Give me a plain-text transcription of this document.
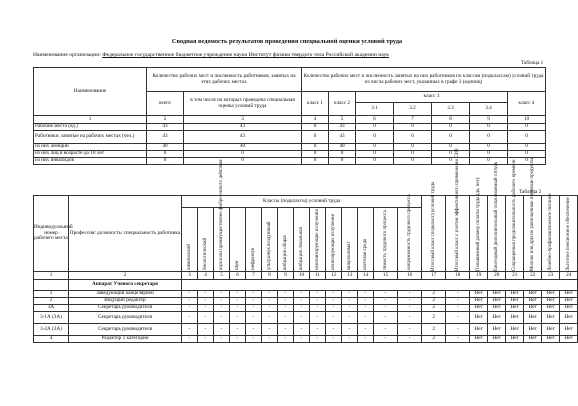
Сводная ведомость результатов проведения специальной оценки условий труда
Наименование организации: Федеральное государственное бюджетное учреждение науки Институт физики твердого тела Российской академии наук
Таблица 1
Наименование	Количество рабочих мест и численность работников, занятых на этих рабочих местах		Количество рабочих мест и численность занятых на них работников по классам (подклассам) условий труда из числа рабочих мест, указанных в графе 3 (единиц)						
	всего	в том числе на которых проведена специальная оценка условий труда	класс 1	класс 2	класс 3				класс 4
					3.1	3.2	3.3	3.4	
1	2	3	4	5	6	7	8	9	10
Рабочие места (ед.)	43	43	0	43	0	0	0	0	0
Работники, занятые на рабочих местах (чел.)	43	43	0	43	0	0	0	0	0
из них женщин	40	40	0	40	0	0	0	0	0
из них лиц в возрасте до 18 лет	0	0	0	0	0	0	0	0	0
из них инвалидов	0	0	0	0	0	0	0	0	0
Таблица 2
Индивидуальный номер рабочего места	Профессия/ должность/ специальность работника	Классы (подклассы) условий труда														Итоговый класс (подкласс) условий труда	Итоговый класс с учетом эффективного применения СИЗ	Повышенный размер оплаты труда (да, нет)	Ежегодный дополнительный оплачиваемый отпуск	Сокращенная продолжительность рабочего времени	Молоко или другие равноценные пищевые продукты	Лечебно-профилактическое питание	Льготное пенсионное обеспечение

		химический	биологический	аэрозоли преимущественно фиброгенного действия	шум	инфразвук	ультразвук воздушный	вибрация общая	вибрация локальная	неионизирующие излучения	ионизирующие излучения	микроклимат	световая среда	тяжесть трудового процесса	напряженность трудового процесса								

1	2	3	4	5	6	7	8	9	10	11	12	13	14	15	16	17	18	19	20	21	22	23	24
	Аппарат Ученого секретаря																						
1	Заведующий канцелярией	-	-	-	-	-	-	-	-	-	-	-	-	-	-	2	-	Нет	Нет	Нет	Нет	Нет	Нет
2	Ведущий редактор	-	-	-	-	-	-	-	-	-	-	-	-	-	-	2	-	Нет	Нет	Нет	Нет	Нет	Нет
3А	Секретарь руководителя	-	-	-	-	-	-	-	-	-	-	-	-	-	-	2	-	Нет	Нет	Нет	Нет	Нет	Нет
3-1А (3А)	Секретарь руководителя	-	-	-	-	-	-	-	-	-	-	-	-	-	-	2	-	Нет	Нет	Нет	Нет	Нет	Нет
3-2А (3А)	Секретарь руководителя	-	-	-	-	-	-	-	-	-	-	-	-	-	-	2	-	Нет	Нет	Нет	Нет	Нет	Нет
4	Редактор 1 категории	-	-	-	-	-	-	-	-	-	-	-	-	-	-	2	-	Нет	Нет	Нет	Нет	Нет	Нет
